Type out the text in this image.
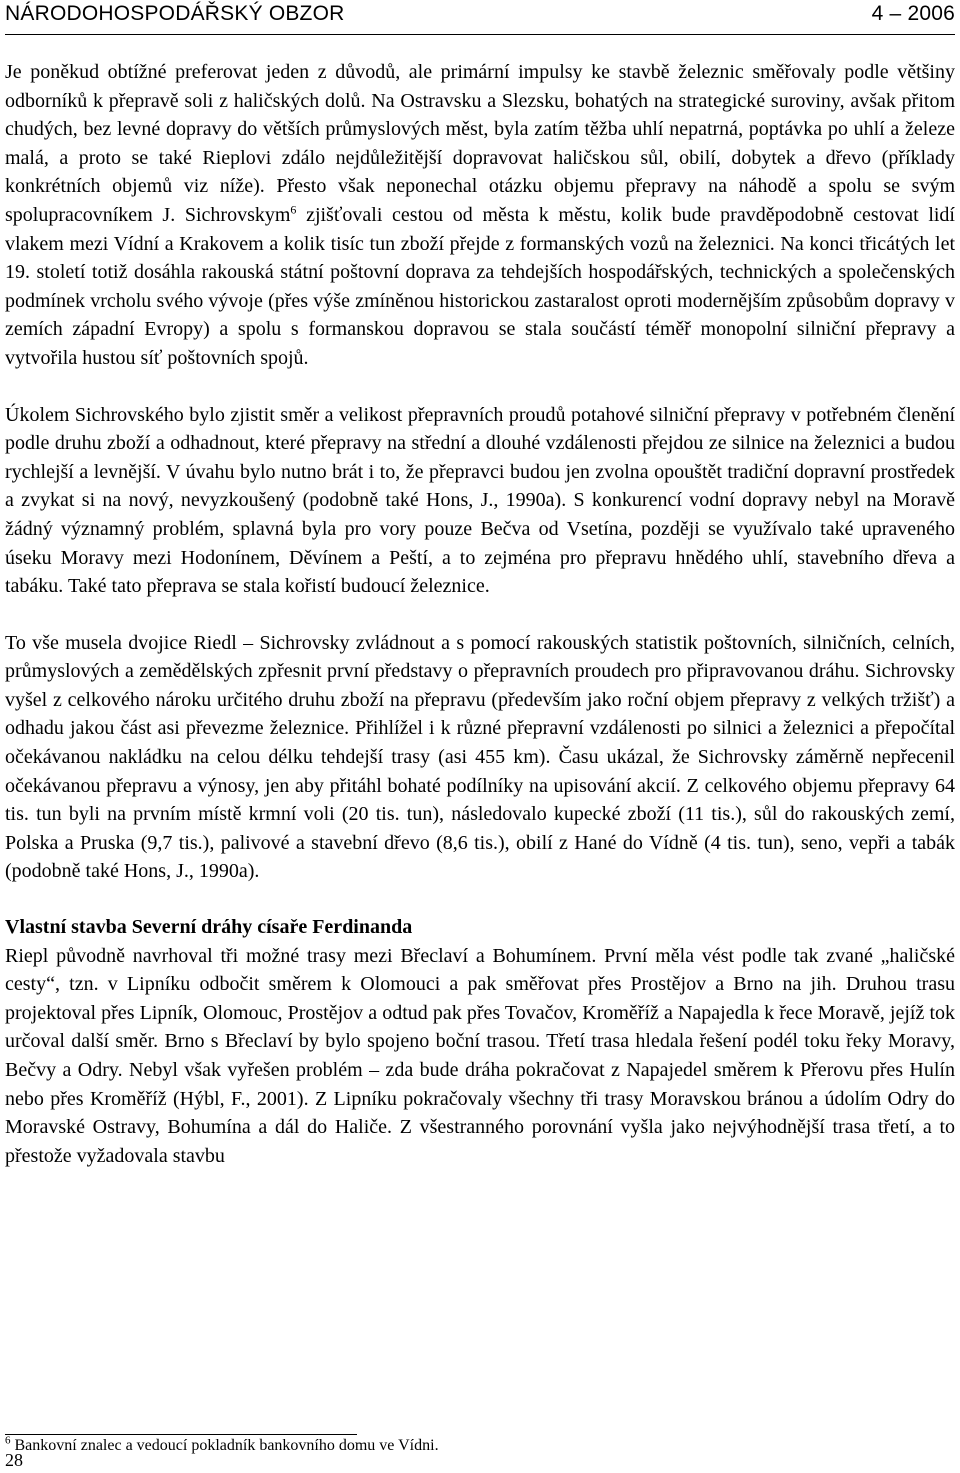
NÁRODOHOSPODÁŘSKÝ OBZOR	4 – 2006

Je poněkud obtížné preferovat jeden z důvodů, ale primární impulsy ke stavbě železnic směřovaly podle většiny odborníků k přepravě soli z haličských dolů. Na Ostravsku a Slezsku, bohatých na strategické suroviny, avšak přitom chudých, bez levné dopravy do větších průmyslových měst, byla zatím těžba uhlí nepatrná, poptávka po uhlí a železe malá, a proto se také Rieplovi zdálo nejdůležitější dopravovat haličskou sůl, obilí, dobytek a dřevo (příklady konkrétních objemů viz níže). Přesto však neponechal otázku objemu přepravy na náhodě a spolu se svým spolupracovníkem J. Sichrovskym$^6$ zjišťovali cestou od města k městu, kolik bude pravděpodobně cestovat lidí vlakem mezi Vídní a Krakovem a kolik tisíc tun zboží přejde z formanských vozů na železnici. Na konci třicátých let 19. století totiž dosáhla rakouská státní poštovní doprava za tehdejších hospodářských, technických a společenských podmínek vrcholu svého vývoje (přes výše zmíněnou historickou zastaralost oproti modernějším způsobům dopravy v zemích západní Evropy) a spolu s formanskou dopravou se stala součástí téměř monopolní silniční přepravy a vytvořila hustou síť poštovních spojů.

Úkolem Sichrovského bylo zjistit směr a velikost přepravních proudů potahové silniční přepravy v potřebném členění podle druhu zboží a odhadnout, které přepravy na střední a dlouhé vzdálenosti přejdou ze silnice na železnici a budou rychlejší a levnější. V úvahu bylo nutno brát i to, že přepravci budou jen zvolna opouštět tradiční dopravní prostředek a zvykat si na nový, nevyzkoušený (podobně také Hons, J., 1990a). S konkurencí vodní dopravy nebyl na Moravě žádný významný problém, splavná byla pro vory pouze Bečva od Vsetína, později se využívalo také upraveného úseku Moravy mezi Hodonínem, Děvínem a Peští, a to zejména pro přepravu hnědého uhlí, stavebního dřeva a tabáku. Také tato přeprava se stala kořistí budoucí železnice.

To vše musela dvojice Riedl – Sichrovsky zvládnout a s pomocí rakouských statistik poštovních, silničních, celních, průmyslových a zemědělských zpřesnit první představy o přepravních proudech pro připravovanou dráhu. Sichrovsky vyšel z celkového nároku určitého druhu zboží na přepravu (především jako roční objem přepravy z velkých tržišť) a odhadu jakou část asi převezme železnice. Přihlížel i k různé přepravní vzdálenosti po silnici a železnici a přepočítal očekávanou nakládku na celou délku tehdejší trasy (asi 455 km). Času ukázal, že Sichrovsky záměrně nepřecenil očekávanou přepravu a výnosy, jen aby přitáhl bohaté podílníky na upisování akcií. Z celkového objemu přepravy 64 tis. tun byli na prvním místě krmní voli (20 tis. tun), následovalo kupecké zboží (11 tis.), sůl do rakouských zemí, Polska a Pruska (9,7 tis.), palivové a stavební dřevo (8,6 tis.), obilí z Hané do Vídně (4 tis. tun), seno, vepři a tabák (podobně také Hons, J., 1990a).

Vlastní stavba Severní dráhy císaře Ferdinanda

Riepl původně navrhoval tři možné trasy mezi Břeclaví a Bohumínem. První měla vést podle tak zvané „haličské cesty“, tzn. v Lipníku odbočit směrem k Olomouci a pak směřovat přes Prostějov a Brno na jih. Druhou trasu projektoval přes Lipník, Olomouc, Prostějov a odtud pak přes Tovačov, Kroměříž a Napajedla k řece Moravě, jejíž tok určoval další směr. Brno s Břeclaví by bylo spojeno boční trasou. Třetí trasa hledala řešení podél toku řeky Moravy, Bečvy a Odry. Nebyl však vyřešen problém – zda bude dráha pokračovat z Napajedel směrem k Přerovu přes Hulín nebo přes Kroměříž (Hýbl, F., 2001). Z Lipníku pokračovaly všechny tři trasy Moravskou bránou a údolím Odry do Moravské Ostravy, Bohumína a dál do Haliče. Z všestranného porovnání vyšla jako nejvýhodnější trasa třetí, a to přestože vyžadovala stavbu

$^6$ Bankovní znalec a vedoucí pokladník bankovního domu ve Vídni.
28
